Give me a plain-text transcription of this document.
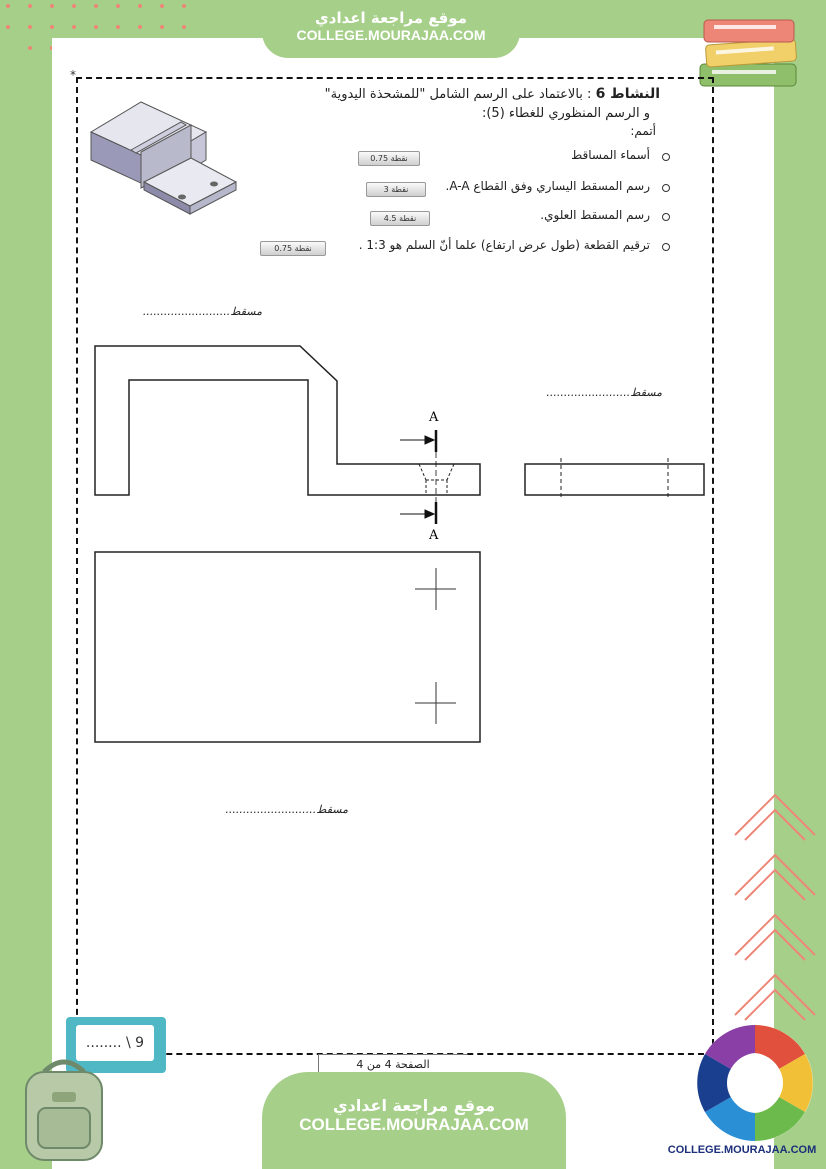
موقع مراجعة اعدادي
COLLEGE.MOURAJAA.COM
*
النشاط 6 : بالاعتماد على الرسم الشامل "للمشحذة اليدوية"
و الرسم المنظوري للغطاء (5):
أتمم:
أسماء المساقط
0.75 نقطة
رسم المسقط اليساري وفق القطاع A-A.
3 نقطة
رسم المسقط العلوي.
4.5 نقطة
ترقيم القطعة (طول عرض ارتفاع) علما أنّ السلم هو 1:3 .
0.75 نقطة
مسقط.........................
مسقط........................
مسقط..........................
A
A
........ \ 9
الصفحة 4 من 4
موقع مراجعة اعدادي
COLLEGE.MOURAJAA.COM
COLLEGE.MOURAJAA.COM
